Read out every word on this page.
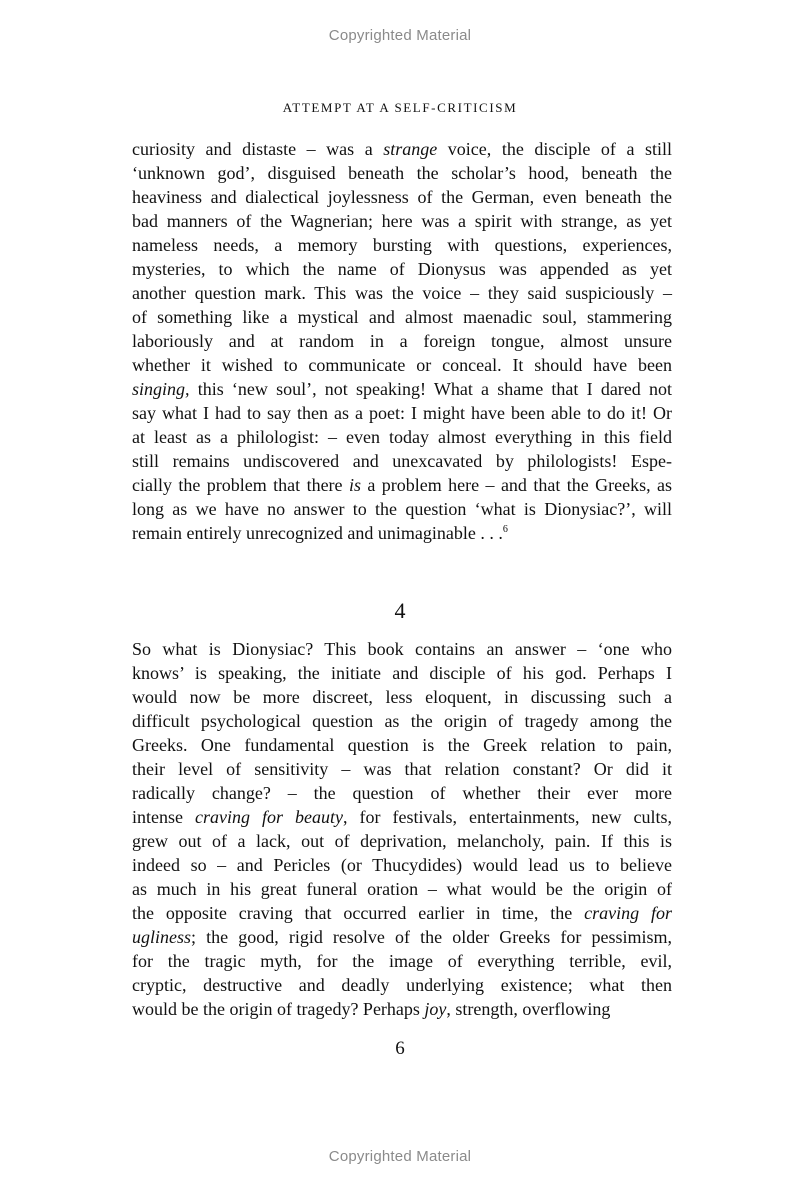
Copyrighted Material
ATTEMPT AT A SELF-CRITICISM
curiosity and distaste – was a strange voice, the disciple of a still
‘unknown god’, disguised beneath the scholar’s hood, beneath the
heaviness and dialectical joylessness of the German, even beneath the
bad manners of the Wagnerian; here was a spirit with strange, as yet
nameless needs, a memory bursting with questions, experiences,
mysteries, to which the name of Dionysus was appended as yet
another question mark. This was the voice – they said suspiciously –
of something like a mystical and almost maenadic soul, stammering
laboriously and at random in a foreign tongue, almost unsure
whether it wished to communicate or conceal. It should have been
singing, this ‘new soul’, not speaking! What a shame that I dared not
say what I had to say then as a poet: I might have been able to do it! Or
at least as a philologist: – even today almost everything in this field
still remains undiscovered and unexcavated by philologists! Espe-
cially the problem that there is a problem here – and that the Greeks, as
long as we have no answer to the question ‘what is Dionysiac?’, will
remain entirely unrecognized and unimaginable . . .$^6$
4
So what is Dionysiac? This book contains an answer – ‘one who
knows’ is speaking, the initiate and disciple of his god. Perhaps I
would now be more discreet, less eloquent, in discussing such a
difficult psychological question as the origin of tragedy among the
Greeks. One fundamental question is the Greek relation to pain,
their level of sensitivity – was that relation constant? Or did it
radically change? – the question of whether their ever more
intense craving for beauty, for festivals, entertainments, new cults,
grew out of a lack, out of deprivation, melancholy, pain. If this is
indeed so – and Pericles (or Thucydides) would lead us to believe
as much in his great funeral oration – what would be the origin of
the opposite craving that occurred earlier in time, the craving for
ugliness; the good, rigid resolve of the older Greeks for pessimism,
for the tragic myth, for the image of everything terrible, evil,
cryptic, destructive and deadly underlying existence; what then
would be the origin of tragedy? Perhaps joy, strength, overflowing
6
Copyrighted Material
